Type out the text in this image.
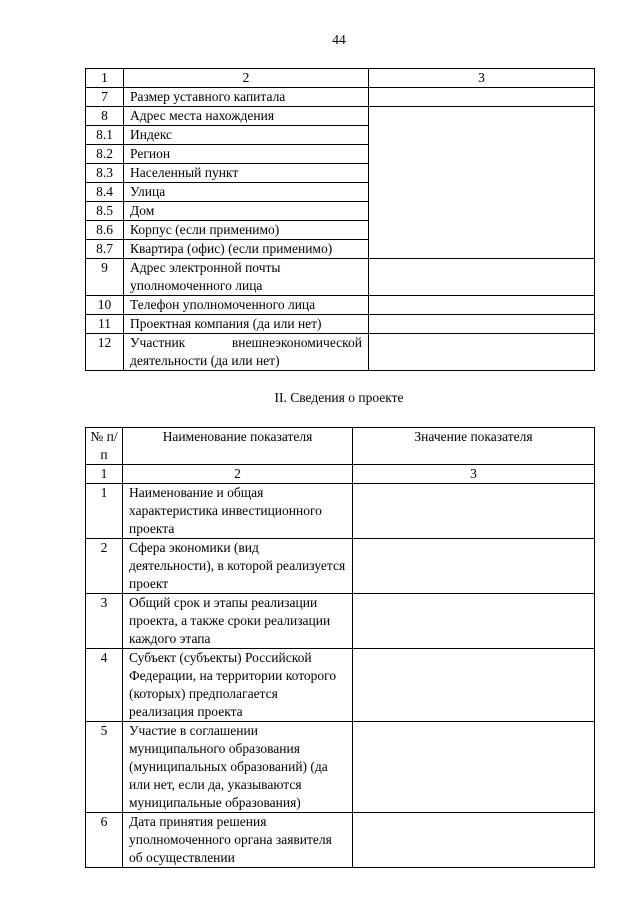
44
1	2	3
7	Размер уставного капитала	
8	Адрес места нахождения	
8.1	Индекс	
8.2	Регион	
8.3	Населенный пункт	
8.4	Улица	
8.5	Дом	
8.6	Корпус (если применимо)	
8.7	Квартира (офис) (если применимо)	
9	Адрес электронной почты уполномоченного лица	
10	Телефон уполномоченного лица	
11	Проектная компания (да или нет)	
12	Участник внешнеэкономической деятельности (да или нет)	
II. Сведения о проекте
№ п/п	Наименование показателя	Значение показателя
1	2	3
1	Наименование и общая характеристика инвестиционного проекта	
2	Сфера экономики (вид деятельности), в которой реализуется проект	
3	Общий срок и этапы реализации проекта, а также сроки реализации каждого этапа	
4	Субъект (субъекты) Российской Федерации, на территории которого (которых) предполагается реализация проекта	
5	Участие в соглашении муниципального образования (муниципальных образований) (да или нет, если да, указываются муниципальные образования)	
6	Дата принятия решения уполномоченного органа заявителя об осуществлении	
